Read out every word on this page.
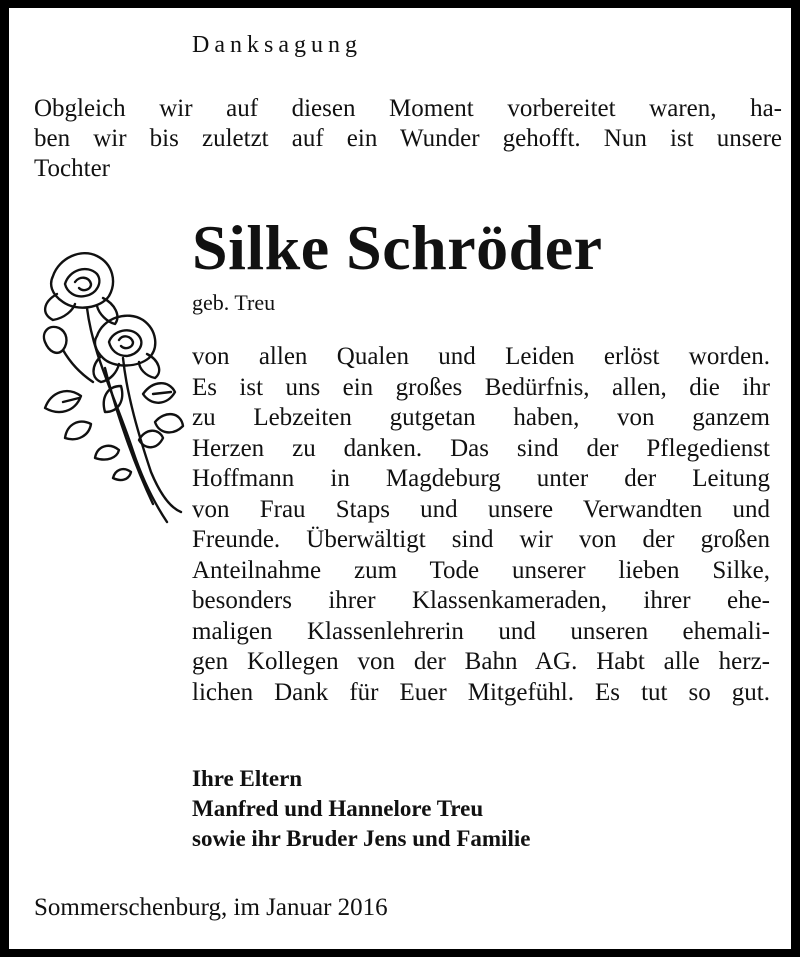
Danksagung
Obgleich wir auf diesen Moment vorbereitet waren, ha-
ben wir bis zuletzt auf ein Wunder gehofft. Nun ist unsere
Tochter
Silke Schröder
geb. Treu
von allen Qualen und Leiden erlöst worden.
Es ist uns ein großes Bedürfnis, allen, die ihr
zu Lebzeiten gutgetan haben, von ganzem
Herzen zu danken. Das sind der Pflegedienst
Hoffmann in Magdeburg unter der Leitung
von Frau Staps und unsere Verwandten und
Freunde. Überwältigt sind wir von der großen
Anteilnahme zum Tode unserer lieben Silke,
besonders ihrer Klassenkameraden, ihrer ehe-
maligen Klassenlehrerin und unseren ehemali-
gen Kollegen von der Bahn AG. Habt alle herz-
lichen Dank für Euer Mitgefühl. Es tut so gut.
Ihre Eltern
Manfred und Hannelore Treu
sowie ihr Bruder Jens und Familie
Sommerschenburg, im Januar 2016
